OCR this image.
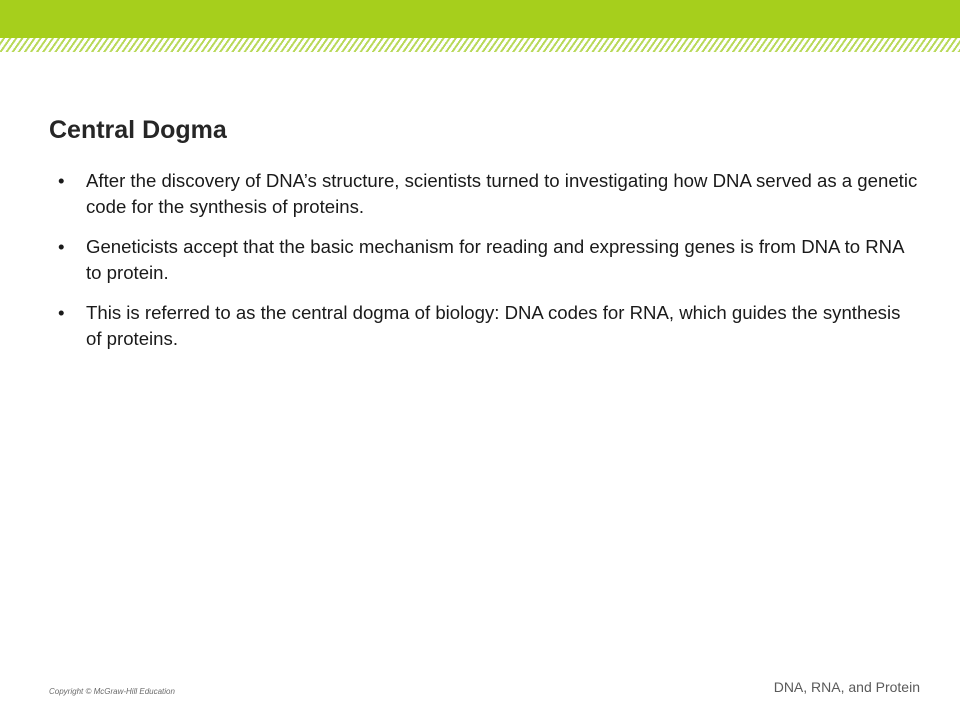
Central Dogma
• After the discovery of DNA’s structure, scientists turned to investigating how DNA served as a genetic code for the synthesis of proteins.
• Geneticists accept that the basic mechanism for reading and expressing genes is from DNA to RNA to protein.
• This is referred to as the central dogma of biology: DNA codes for RNA, which guides the synthesis of proteins.
Copyright © McGraw-Hill Education	DNA, RNA, and Protein
